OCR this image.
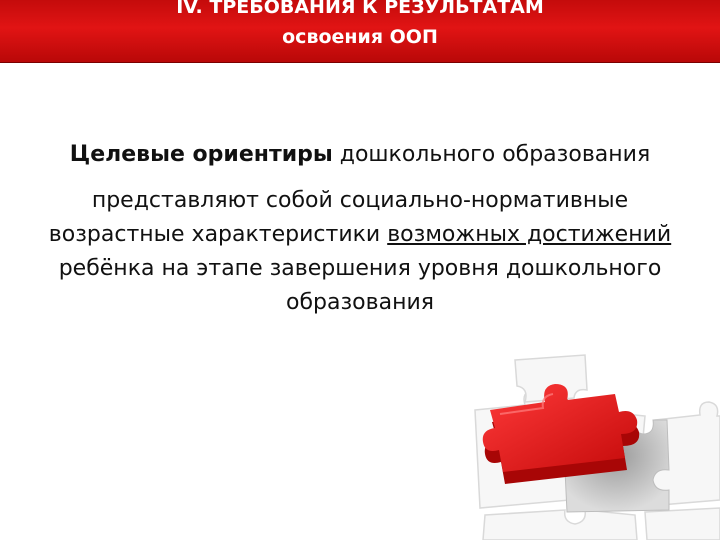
IV. ТРЕБОВАНИЯ К РЕЗУЛЬТАТАМ
освоения ООП

Целевые ориентиры дошкольного образования

представляют собой социально-нормативные возрастные характеристики возможных достижений ребёнка на этапе завершения уровня дошкольного образования
